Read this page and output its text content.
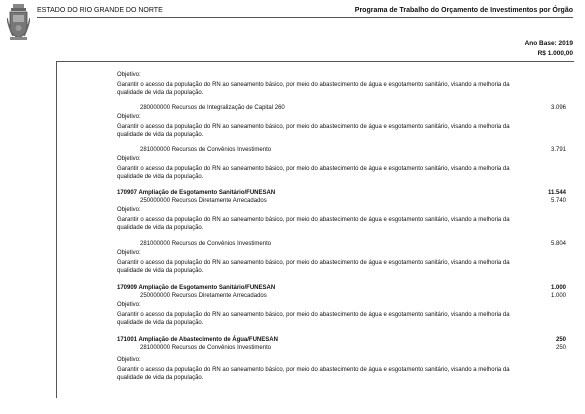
ESTADO DO RIO GRANDE DO NORTE	Programa de Trabalho do Orçamento de Investimentos por Órgão
Ano Base: 2019
R$ 1.000,00
Objetivo:
Garantir o acesso da população do RN ao saneamento básico, por meio do abastecimento de água e esgotamento sanitário, visando a melhoria da
qualidade de vida da população.
280000000 Recursos de Integralização de Capital 260	3.096
Objetivo:
Garantir o acesso da população do RN ao saneamento básico, por meio do abastecimento de água e esgotamento sanitário, visando a melhoria da
qualidade de vida da população.
281000000 Recursos de Convênios Investimento	3.791
Objetivo:
Garantir o acesso da população do RN ao saneamento básico, por meio do abastecimento de água e esgotamento sanitário, visando a melhoria da
qualidade de vida da população.
170907 Ampliação de Esgotamento Sanitário/FUNESAN	11.544
250000000 Recursos Diretamente Arrecadados	5.740
Objetivo:
Garantir o acesso da população do RN ao saneamento básico, por meio do abastecimento de água e esgotamento sanitário, visando a melhoria da
qualidade de vida da população.
281000000 Recursos de Convênios Investimento	5.804
Objetivo:
Garantir o acesso da população do RN ao saneamento básico, por meio do abastecimento de água e esgotamento sanitário, visando a melhoria da
qualidade de vida da população.
170909 Ampliação de Esgotamento Sanitário/FUNESAN	1.000
250000000 Recursos Diretamente Arrecadados	1.000
Objetivo:
Garantir o acesso da população do RN ao saneamento básico, por meio do abastecimento de água e esgotamento sanitário, visando a melhoria da
qualidade de vida da população.
171001 Ampliação de Abastecimento de Água/FUNESAN	250
281000000 Recursos de Convênios Investimento	250
Objetivo:
Garantir o acesso da população do RN ao saneamento básico, por meio do abastecimento de água e esgotamento sanitário, visando a melhoria da
qualidade de vida da população.
